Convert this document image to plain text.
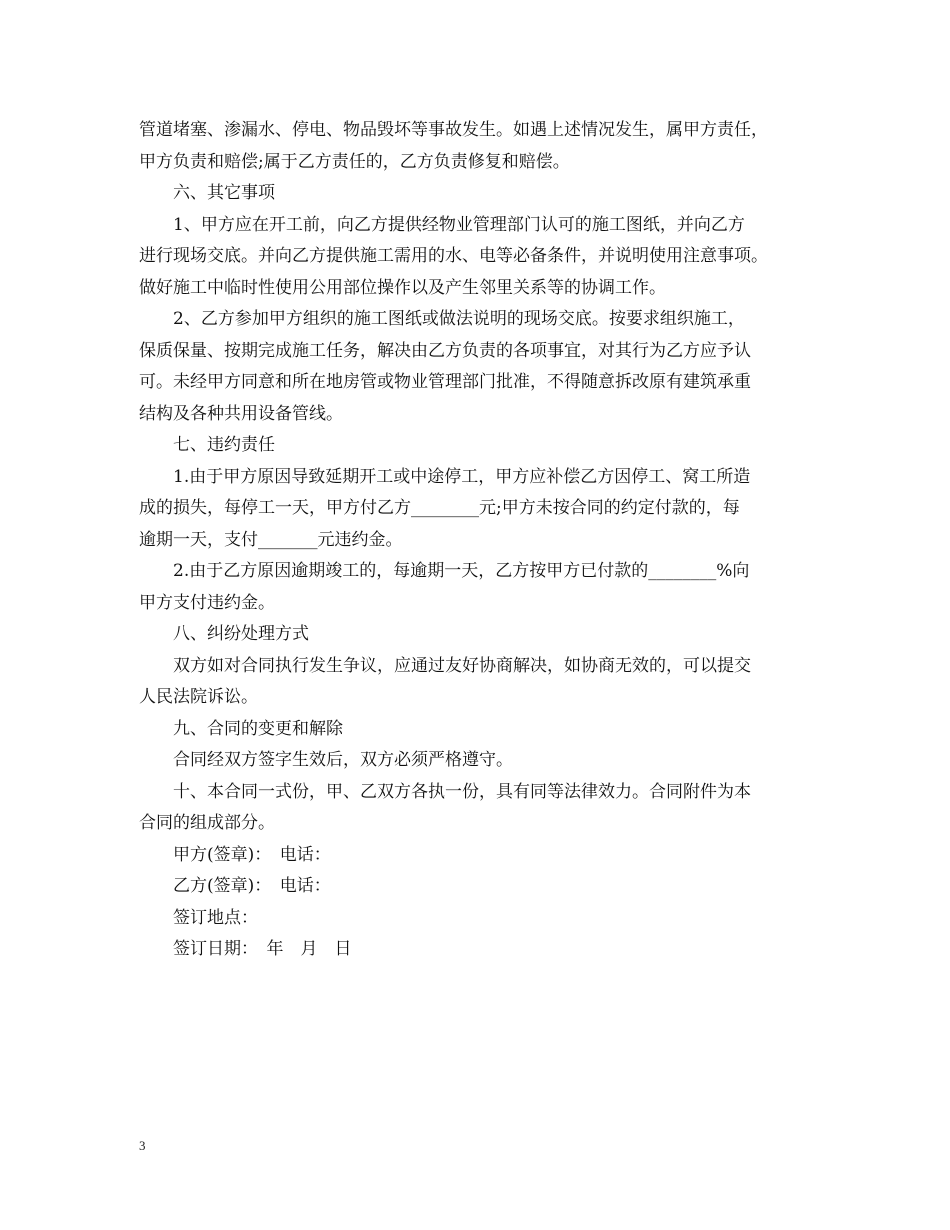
管道堵塞、渗漏水、停电、物品毁坏等事故发生。如遇上述情况发生，属甲方责任，

甲方负责和赔偿;属于乙方责任的，乙方负责修复和赔偿。

六、其它事项

1、甲方应在开工前，向乙方提供经物业管理部门认可的施工图纸，并向乙方

进行现场交底。并向乙方提供施工需用的水、电等必备条件，并说明使用注意事项。

做好施工中临时性使用公用部位操作以及产生邻里关系等的协调工作。

2、乙方参加甲方组织的施工图纸或做法说明的现场交底。按要求组织施工，

保质保量、按期完成施工任务，解决由乙方负责的各项事宜，对其行为乙方应予认

可。未经甲方同意和所在地房管或物业管理部门批准，不得随意拆改原有建筑承重

结构及各种共用设备管线。

七、违约责任

1.由于甲方原因导致延期开工或中途停工，甲方应补偿乙方因停工、窝工所造

成的损失，每停工一天，甲方付乙方________元;甲方未按合同的约定付款的，每

逾期一天，支付_______元违约金。

2.由于乙方原因逾期竣工的，每逾期一天，乙方按甲方已付款的________%向

甲方支付违约金。

八、纠纷处理方式

双方如对合同执行发生争议，应通过友好协商解决，如协商无效的，可以提交

人民法院诉讼。

九、合同的变更和解除

合同经双方签字生效后，双方必须严格遵守。

十、本合同一式份，甲、乙双方各执一份，具有同等法律效力。合同附件为本

合同的组成部分。

甲方(签章)：　电话：

乙方(签章)：　电话：

签订地点：

签订日期：　年　月　日

3
